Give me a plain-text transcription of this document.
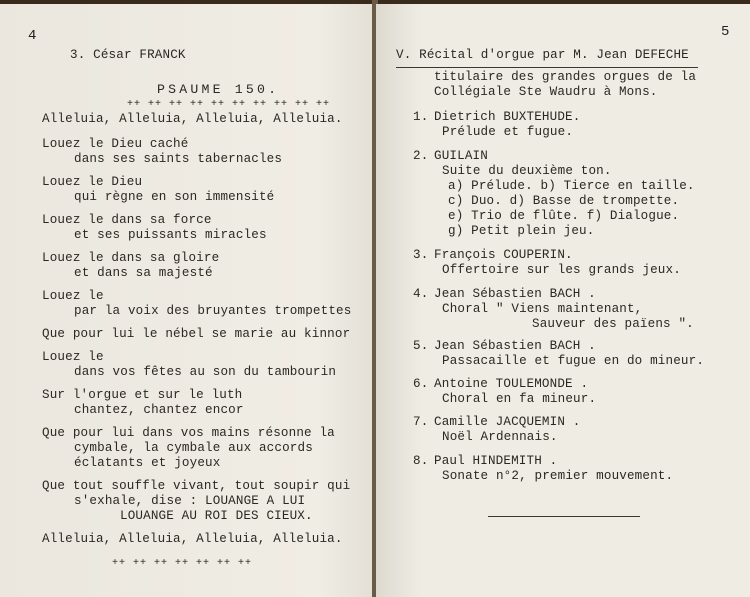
4
3. César FRANCK
PSAUME 150.
++ ++ ++ ++ ++ ++ ++ ++ ++ ++
Alleluia, Alleluia, Alleluia, Alleluia.
Louez le Dieu caché
dans ses saints tabernacles
Louez le Dieu
qui règne en son immensité
Louez le dans sa force
et ses puissants miracles
Louez le dans sa gloire
et dans sa majesté
Louez le
par la voix des bruyantes trompettes
Que pour lui le nébel se marie au kinnor
Louez le
dans vos fêtes au son du tambourin
Sur l'orgue et sur le luth
chantez, chantez encor
Que pour lui dans vos mains résonne la
cymbale, la cymbale aux accords
éclatants et joyeux
Que tout souffle vivant, tout soupir qui
s'exhale, dise : LOUANGE A LUI
LOUANGE AU ROI DES CIEUX.
Alleluia, Alleluia, Alleluia, Alleluia.
++ ++ ++ ++ ++ ++ ++
5
V. Récital d'orgue par M. Jean DEFECHE
titulaire des grandes orgues de la
Collégiale Ste Waudru à Mons.
1. Dietrich BUXTEHUDE.
Prélude et fugue.
2. GUILAIN
Suite du deuxième ton.
a) Prélude. b) Tierce en taille.
c) Duo. d) Basse de trompette.
e) Trio de flûte. f) Dialogue.
g) Petit plein jeu.
3. François COUPERIN.
Offertoire sur les grands jeux.
4. Jean Sébastien BACH .
Choral " Viens maintenant,
Sauveur des païens ".
5. Jean Sébastien BACH .
Passacaille et fugue en do mineur.
6. Antoine TOULEMONDE .
Choral en fa mineur.
7. Camille JACQUEMIN .
Noël Ardennais.
8. Paul HINDEMITH .
Sonate n°2, premier mouvement.
